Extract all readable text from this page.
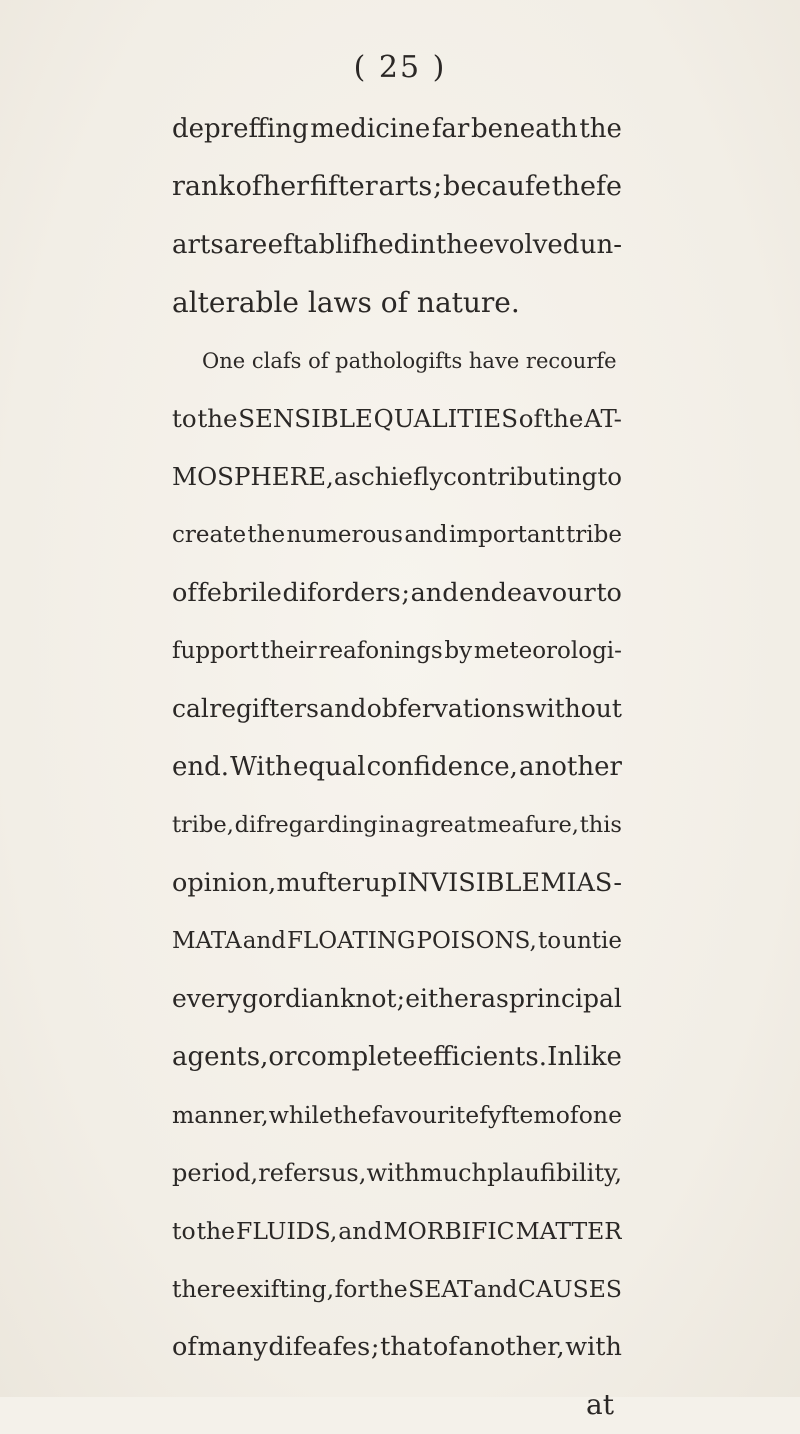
( 25 )
depreffing medicine far beneath the
rank of her fifter arts ; becaufe thefe
arts are eftablifhed in the evolved un-
alterable laws of nature.
One clafs of pathologifts have recourfe
to the SENSIBLE QUALITIES of the AT-
MOSPHERE, as chiefly contributing to
create the numerous and important tribe
of febrile diforders ; and endeavour to
fupport their reafonings by meteorologi-
cal regifters and obfervations without
end. With equal confidence, another
tribe, difregarding in a great meafure, this
opinion, mufter up INVISIBLE MIAS-
MATA and FLOATING POISONS, to untie
every gordian knot ; either as principal
agents, or complete efficients. In like
manner, while the favourite fyftem of one
period, refers us, with much plaufibility,
to the FLUIDS, and MORBIFIC MATTER
there exifting, for the SEAT and CAUSES
of many difeafes ; that of another, with
at
